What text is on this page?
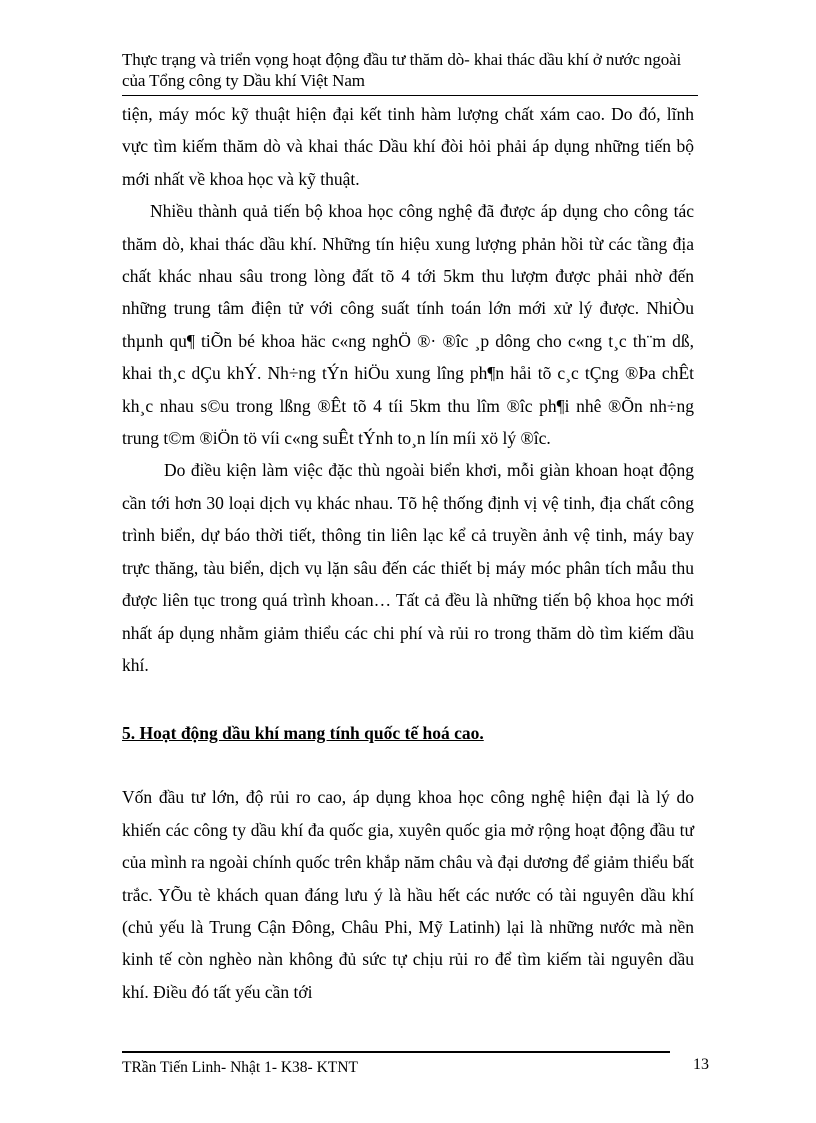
Thực trạng và triển vọng hoạt động đầu tư thăm dò- khai thác dầu khí ở nước ngoài của Tổng công ty Dầu khí Việt Nam

tiện, máy móc kỹ thuật hiện đại kết tinh hàm lượng chất xám cao. Do đó, lĩnh vực tìm kiếm thăm dò và khai thác Dầu khí đòi hỏi phải áp dụng những tiến bộ mới nhất về khoa học và kỹ thuật.

Nhiều thành quả tiến bộ khoa học công nghệ đã được áp dụng cho công tác thăm dò, khai thác dầu khí. Những tín hiệu xung lượng phản hồi từ các tầng địa chất khác nhau sâu trong lòng đất tõ 4 tới 5km thu lượm được phải nhờ đến những trung tâm điện tử với công suất tính toán lớn mới xử lý được. NhiÒu thµnh qu¶ tiÕn bé khoa häc c«ng nghÖ ®· ®îc ¸p dông cho c«ng t¸c th¨m dß, khai th¸c dÇu khÝ. Nh÷ng tÝn hiÖu xung lîng ph¶n håi tõ c¸c tÇng ®Þa chÊt kh¸c nhau s©u trong lßng ®Êt tõ 4 tíi 5km thu lîm ®îc ph¶i nhê ®Õn nh÷ng trung t©m ®iÖn tö víi c«ng suÊt tÝnh to¸n lín míi xö lý ®îc.

Do điều kiện làm việc đặc thù ngoài biển khơi, mỗi giàn khoan hoạt động cần tới hơn 30 loại dịch vụ khác nhau. Tõ hệ thống định vị vệ tinh, địa chất công trình biển, dự báo thời tiết, thông tin liên lạc kể cả truyền ảnh vệ tinh, máy bay trực thăng, tàu biển, dịch vụ lặn sâu đến các thiết bị máy móc phân tích mẫu thu được liên tục trong quá trình khoan… Tất cả đều là những tiến bộ khoa học mới nhất áp dụng nhằm giảm thiểu các chi phí và rủi ro trong thăm dò tìm kiếm dầu khí.

5. Hoạt động dầu khí mang tính quốc tế hoá cao.

Vốn đầu tư lớn, độ rủi ro cao, áp dụng khoa học công nghệ hiện đại là lý do khiến các công ty dầu khí đa quốc gia, xuyên quốc gia mở rộng hoạt động đầu tư của mình ra ngoài chính quốc trên khắp năm châu và đại dương để giảm thiểu bất trắc. YÕu tè khách quan đáng lưu ý là hầu hết các nước có tài nguyên dầu khí (chủ yếu là Trung Cận Đông, Châu Phi, Mỹ Latinh) lại là những nước mà nền kinh tế còn nghèo nàn không đủ sức tự chịu rủi ro để tìm kiếm tài nguyên dầu khí. Điều đó tất yếu cần tới

TRần Tiến Linh- Nhật 1- K38- KTNT	13
